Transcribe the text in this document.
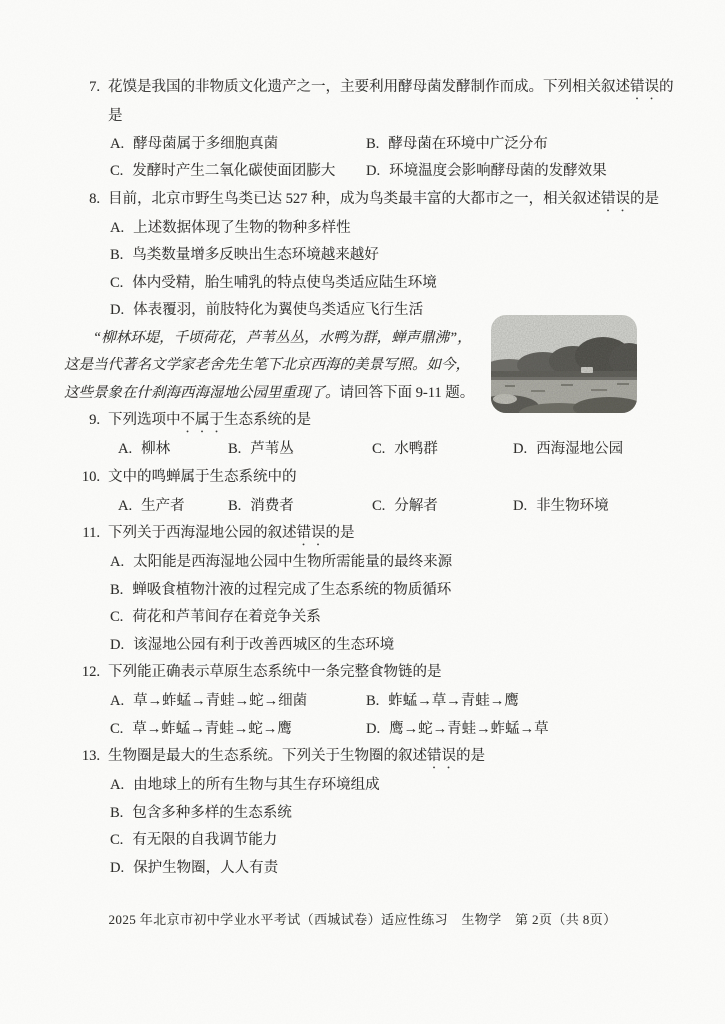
7. 花馍是我国的非物质文化遗产之一，主要利用酵母菌发酵制作而成。下列相关叙述错误的是
A. 酵母菌属于多细胞真菌	B. 酵母菌在环境中广泛分布
C. 发酵时产生二氧化碳使面团膨大 D. 环境温度会影响酵母菌的发酵效果
8. 目前，北京市野生鸟类已达 527 种，成为鸟类最丰富的大都市之一，相关叙述错误的是
A. 上述数据体现了生物的物种多样性
B. 鸟类数量增多反映出生态环境越来越好
C. 体内受精，胎生哺乳的特点使鸟类适应陆生环境
D. 体表覆羽，前肢特化为翼使鸟类适应飞行生活
“柳林环堤，千顷荷花，芦苇丛丛，水鸭为群，蝉声鼎沸”，
这是当代著名文学家老舍先生笔下北京西海的美景写照。如今，
这些景象在什刹海西海湿地公园里重现了。请回答下面 9-11 题。
9. 下列选项中不属于生态系统的是
A. 柳林	B. 芦苇丛	C. 水鸭群	D. 西海湿地公园
10. 文中的鸣蝉属于生态系统中的
A. 生产者	B. 消费者	C. 分解者	D. 非生物环境
11. 下列关于西海湿地公园的叙述错误的是
A. 太阳能是西海湿地公园中生物所需能量的最终来源
B. 蝉吸食植物汁液的过程完成了生态系统的物质循环
C. 荷花和芦苇间存在着竞争关系
D. 该湿地公园有利于改善西城区的生态环境
12. 下列能正确表示草原生态系统中一条完整食物链的是
A. 草→蚱蜢→青蛙→蛇→细菌	B. 蚱蜢→草→青蛙→鹰
C. 草→蚱蜢→青蛙→蛇→鹰	D. 鹰→蛇→青蛙→蚱蜢→草
13. 生物圈是最大的生态系统。下列关于生物圈的叙述错误的是
A. 由地球上的所有生物与其生存环境组成
B. 包含多种多样的生态系统
C. 有无限的自我调节能力
D. 保护生物圈，人人有责
2025 年北京市初中学业水平考试（西城试卷）适应性练习　生物学　第 2页（共 8页）
